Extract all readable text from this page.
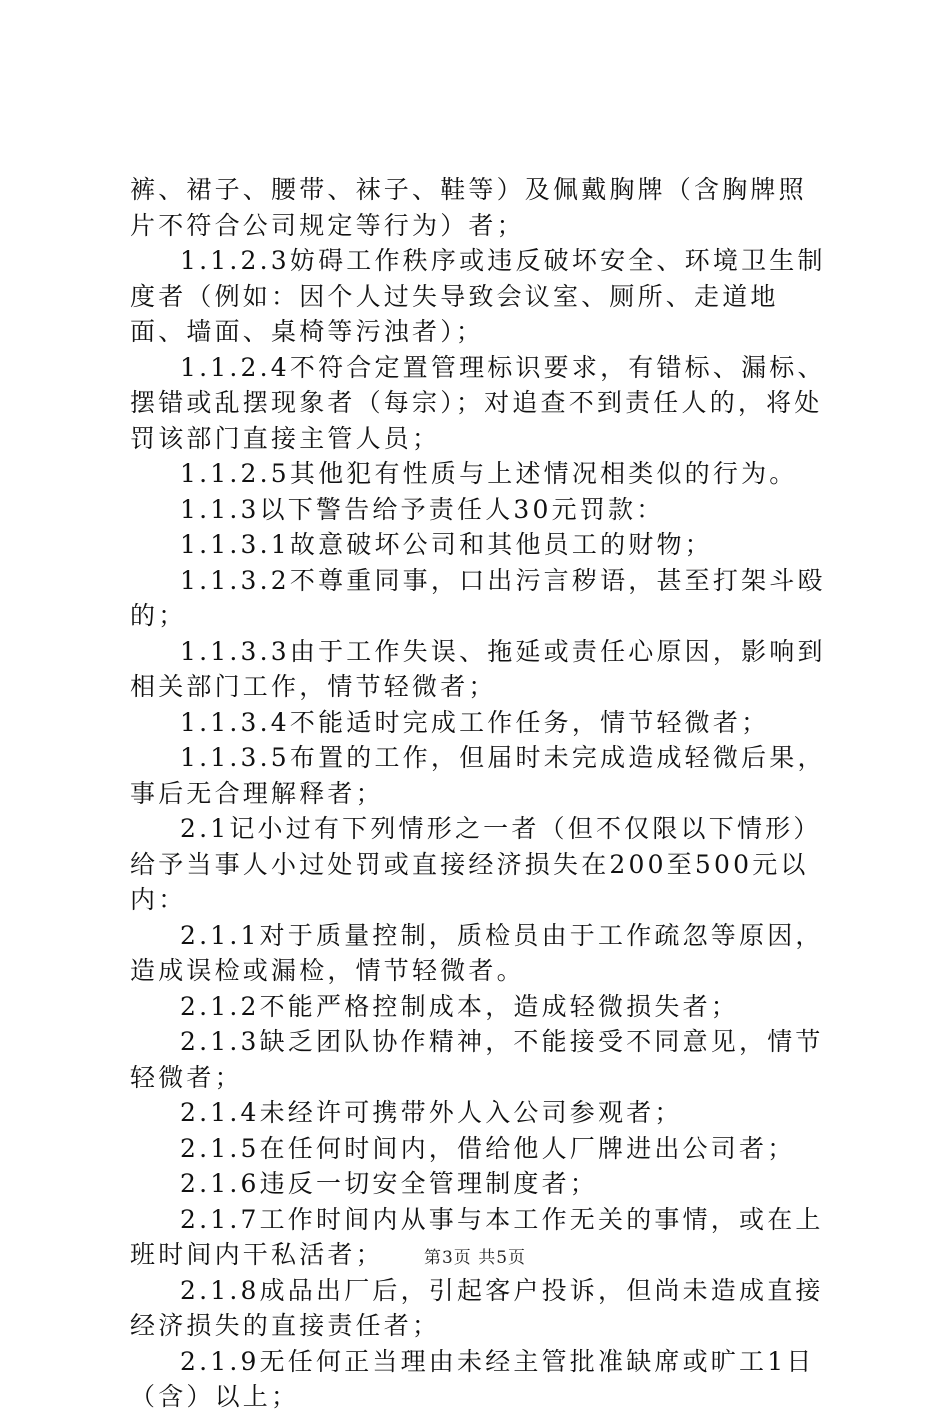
裤、裙子、腰带、袜子、鞋等）及佩戴胸牌（含胸牌照片不符合公司规定等行为）者；

1.1.2.3妨碍工作秩序或违反破坏安全、环境卫生制度者（例如：因个人过失导致会议室、厕所、走道地面、墙面、桌椅等污浊者）；

1.1.2.4不符合定置管理标识要求，有错标、漏标、摆错或乱摆现象者（每宗）；对追查不到责任人的，将处罚该部门直接主管人员；

1.1.2.5其他犯有性质与上述情况相类似的行为。

1.1.3以下警告给予责任人30元罚款：

1.1.3.1故意破坏公司和其他员工的财物；

1.1.3.2不尊重同事，口出污言秽语，甚至打架斗殴的；

1.1.3.3由于工作失误、拖延或责任心原因，影响到相关部门工作，情节轻微者；

1.1.3.4不能适时完成工作任务，情节轻微者；

1.1.3.5布置的工作，但届时未完成造成轻微后果，事后无合理解释者；

2.1记小过有下列情形之一者（但不仅限以下情形）给予当事人小过处罚或直接经济损失在200至500元以内：

2.1.1对于质量控制，质检员由于工作疏忽等原因，造成误检或漏检，情节轻微者。

2.1.2不能严格控制成本，造成轻微损失者；

2.1.3缺乏团队协作精神，不能接受不同意见，情节轻微者；

2.1.4未经许可携带外人入公司参观者；

2.1.5在任何时间内，借给他人厂牌进出公司者；

2.1.6违反一切安全管理制度者；

2.1.7工作时间内从事与本工作无关的事情，或在上班时间内干私活者；

2.1.8成品出厂后，引起客户投诉，但尚未造成直接经济损失的直接责任者；

2.1.9无任何正当理由未经主管批准缺席或旷工1日（含）以上；

第3页 共5页
